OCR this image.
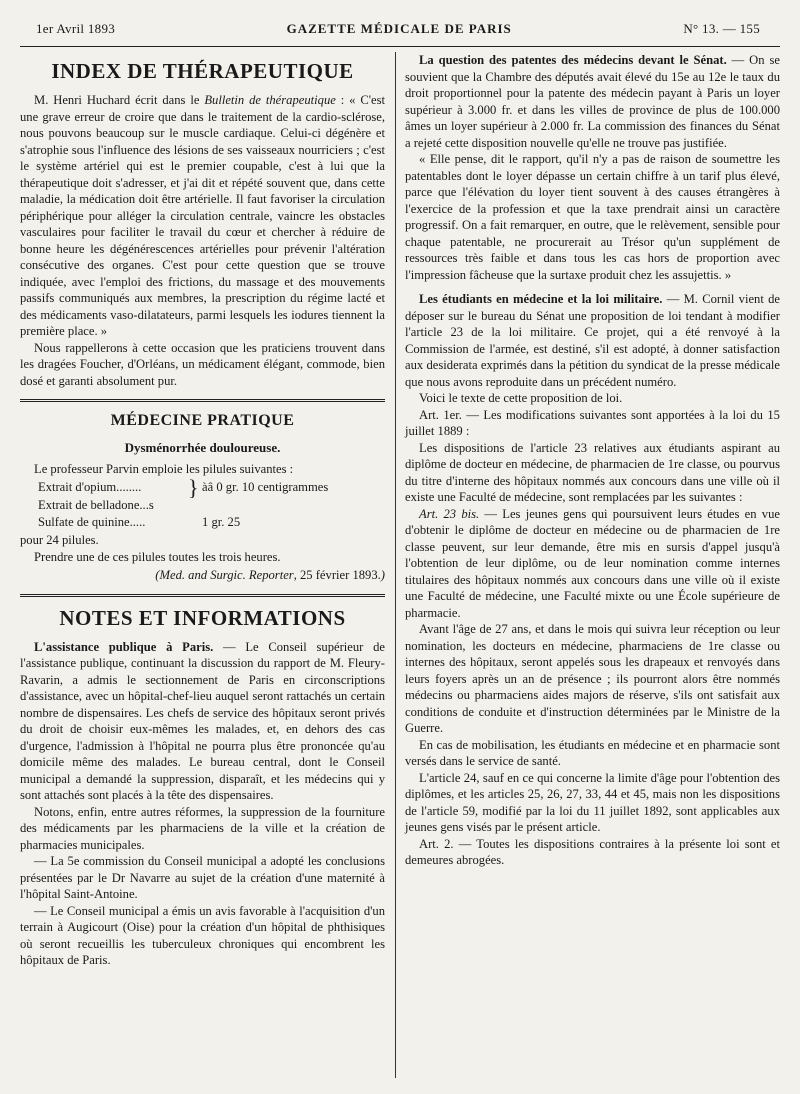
1er Avril 1893	GAZETTE MÉDICALE DE PARIS	N° 13. — 155
INDEX DE THÉRAPEUTIQUE

M. Henri Huchard écrit dans le Bulletin de thérapeutique : « C'est une grave erreur de croire que dans le traitement de la cardio-sclérose, nous pouvons beaucoup sur le muscle cardiaque. Celui-ci dégénère et s'atrophie sous l'influence des lésions de ses vaisseaux nourriciers ; c'est le système artériel qui est le premier coupable, c'est à lui que la thérapeutique doit s'adresser, et j'ai dit et répété souvent que, dans cette maladie, la médication doit être artérielle. Il faut favoriser la circulation périphérique pour alléger la circulation centrale, vaincre les obstacles vasculaires pour faciliter le travail du cœur et chercher à réduire de bonne heure les dégénérescences artérielles pour prévenir l'altération consécutive des organes. C'est pour cette question que se trouve indiquée, avec l'emploi des frictions, du massage et des mouvements passifs communiqués aux membres, la prescription du régime lacté et des médicaments vaso-dilatateurs, parmi lesquels les iodures tiennent la première place. »

Nous rappellerons à cette occasion que les praticiens trouvent dans les dragées Foucher, d'Orléans, un médicament élégant, commode, bien dosé et garanti absolument pur.

MÉDECINE PRATIQUE
Dysménorrhée douloureuse.

Le professeur Parvin emploie les pilules suivantes :

Extrait d'opium........	} àâ 0 gr. 10 centigrammes
Extrait de belladone...s
Sulfate de quinine.....	1 gr. 25

pour 24 pilules.

Prendre une de ces pilules toutes les trois heures.

(Med. and Surgic. Reporter, 25 février 1893.)
NOTES ET INFORMATIONS

L'assistance publique à Paris. — Le Conseil supérieur de l'assistance publique, continuant la discussion du rapport de M. Fleury-Ravarin, a admis le sectionnement de Paris en circonscriptions d'assistance, avec un hôpital-chef-lieu auquel seront rattachés un certain nombre de dispensaires. Les chefs de service des hôpitaux seront privés du droit de choisir eux-mêmes les malades, et, en dehors des cas d'urgence, l'admission à l'hôpital ne pourra plus être prononcée qu'au domicile même des malades. Le bureau central, dont le Conseil municipal a demandé la suppression, disparaît, et les médecins qui y sont attachés sont placés à la tête des dispensaires.

Notons, enfin, entre autres réformes, la suppression de la fourniture des médicaments par les pharmaciens de la ville et la création de pharmacies municipales.

— La 5e commission du Conseil municipal a adopté les conclusions présentées par le Dr Navarre au sujet de la création d'une maternité à l'hôpital Saint-Antoine.

— Le Conseil municipal a émis un avis favorable à l'acquisition d'un terrain à Augicourt (Oise) pour la création d'un hôpital de phthisiques où seront recueillis les tuberculeux chroniques qui encombrent les hôpitaux de Paris.

La question des patentes des médecins devant le Sénat. — On se souvient que la Chambre des députés avait élevé du 15e au 12e le taux du droit proportionnel pour la patente des médecin payant à Paris un loyer supérieur à 3.000 fr. et dans les villes de province de plus de 100.000 âmes un loyer supérieur à 2.000 fr. La commission des finances du Sénat a rejeté cette disposition nouvelle qu'elle ne trouve pas justifiée.

« Elle pense, dit le rapport, qu'il n'y a pas de raison de soumettre les patentables dont le loyer dépasse un certain chiffre à un tarif plus élevé, parce que l'élévation du loyer tient souvent à des causes étrangères à l'exercice de la profession et que la taxe prendrait ainsi un caractère progressif. On a fait remarquer, en outre, que le relèvement, sensible pour chaque patentable, ne procurerait au Trésor qu'un supplément de ressources très faible et dans tous les cas hors de proportion avec l'impression fâcheuse que la surtaxe produit chez les assujettis. »

Les étudiants en médecine et la loi militaire. — M. Cornil vient de déposer sur le bureau du Sénat une proposition de loi tendant à modifier l'article 23 de la loi militaire. Ce projet, qui a été renvoyé à la Commission de l'armée, est destiné, s'il est adopté, à donner satisfaction aux desiderata exprimés dans la pétition du syndicat de la presse médicale que nous avons reproduite dans un précédent numéro.

Voici le texte de cette proposition de loi.

Art. 1er. — Les modifications suivantes sont apportées à la loi du 15 juillet 1889 :

Les dispositions de l'article 23 relatives aux étudiants aspirant au diplôme de docteur en médecine, de pharmacien de 1re classe, ou pourvus du titre d'interne des hôpitaux nommés aux concours dans une ville où il existe une Faculté de médecine, sont remplacées par les suivantes :

Art. 23 bis. — Les jeunes gens qui poursuivent leurs études en vue d'obtenir le diplôme de docteur en médecine ou de pharmacien de 1re classe peuvent, sur leur demande, être mis en sursis d'appel jusqu'à l'obtention de leur diplôme, ou de leur nomination comme internes titulaires des hôpitaux nommés aux concours dans une ville où il existe une Faculté de médecine, une Faculté mixte ou une École supérieure de pharmacie.

Avant l'âge de 27 ans, et dans le mois qui suivra leur réception ou leur nomination, les docteurs en médecine, pharmaciens de 1re classe ou internes des hôpitaux, seront appelés sous les drapeaux et renvoyés dans leurs foyers après un an de présence ; ils pourront alors être nommés médecins ou pharmaciens aides majors de réserve, s'ils ont satisfait aux conditions de conduite et d'instruction déterminées par le Ministre de la Guerre.

En cas de mobilisation, les étudiants en médecine et en pharmacie sont versés dans le service de santé.

L'article 24, sauf en ce qui concerne la limite d'âge pour l'obtention des diplômes, et les articles 25, 26, 27, 33, 44 et 45, mais non les dispositions de l'article 59, modifié par la loi du 11 juillet 1892, sont applicables aux jeunes gens visés par le présent article.

Art. 2. — Toutes les dispositions contraires à la présente loi sont et demeures abrogées.
